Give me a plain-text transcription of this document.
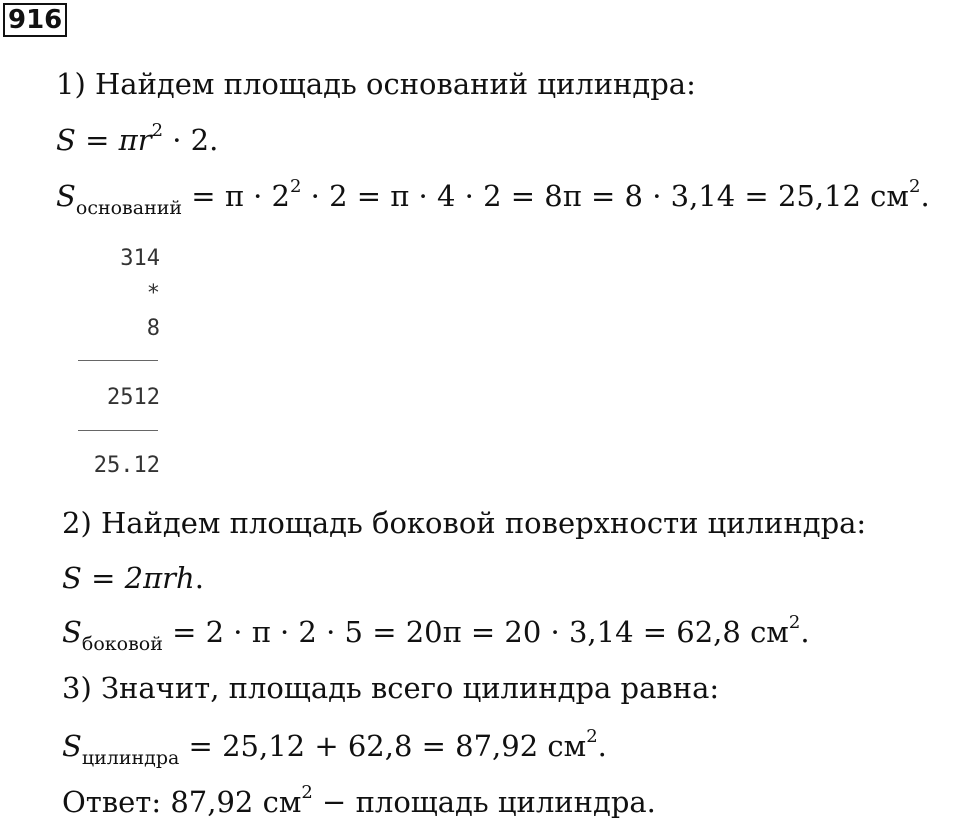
916
1) Найдем площадь оснований цилиндра:
$S = \pi r^2 \cdot 2$.
$S_{оснований} = \pi \cdot 2^2 \cdot 2 = \pi \cdot 4 \cdot 2 = 8\pi = 8 \cdot 3,14 = 25,12$ $см^2$.
314
*
8
2512
25.12
2) Найдем площадь боковой поверхности цилиндра:
S = 2πrh.
$S_{боковой} = 2 \cdot \pi \cdot 2 \cdot 5 = 20\pi = 20 \cdot 3,14 = 62,8$ $см^2$.
3) Значит, площадь всего цилиндра равна:
$S_{цилиндра} = 25,12 + 62,8 = 87,92$ $см^2$.
Ответ: 87,92 $см^2$ − площадь цилиндра.
